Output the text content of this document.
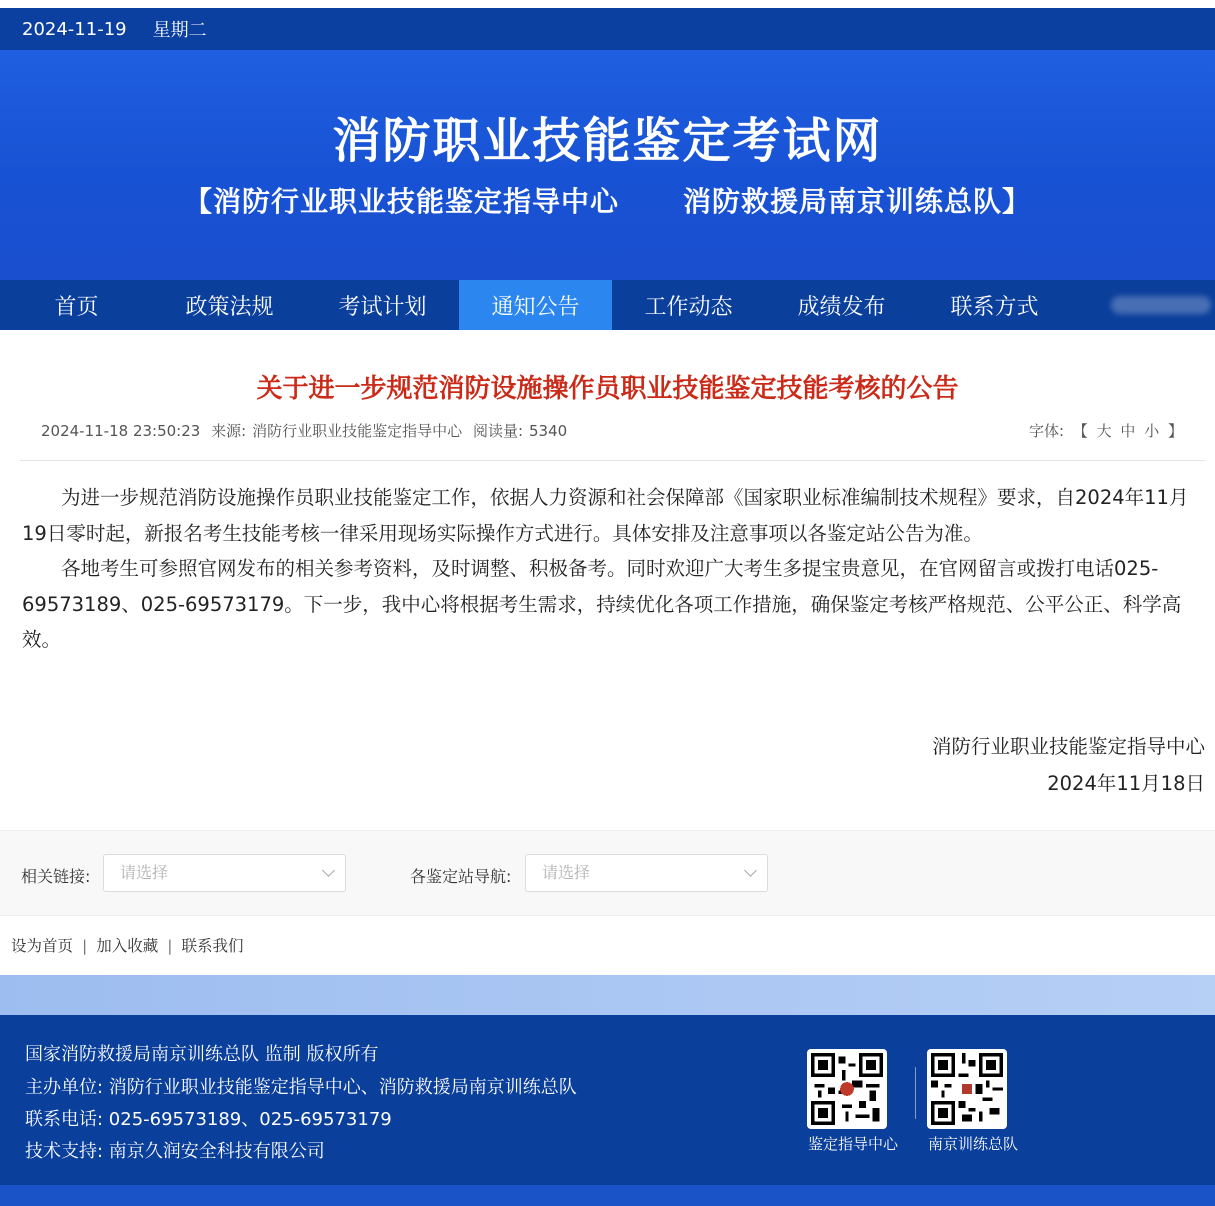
2024-11-19 星期二
消防职业技能鉴定考试网
【消防行业职业技能鉴定指导中心 消防救援局南京训练总队】
首页	政策法规	考试计划	通知公告	工作动态	成绩发布	联系方式
关于进一步规范消防设施操作员职业技能鉴定技能考核的公告
2024-11-18 23:50:23 来源: 消防行业职业技能鉴定指导中心 阅读量: 5340	字体: 【 大 中 小 】

为进一步规范消防设施操作员职业技能鉴定工作，依据人力资源和社会保障部《国家职业标准编制技术规程》要求，自2024年11月19日零时起，新报名考生技能考核一律采用现场实际操作方式进行。具体安排及注意事项以各鉴定站公告为准。

各地考生可参照官网发布的相关参考资料，及时调整、积极备考。同时欢迎广大考生多提宝贵意见，在官网留言或拨打电话025-69573189、025-69573179。下一步，我中心将根据考生需求，持续优化各项工作措施，确保鉴定考核严格规范、公平公正、科学高效。

消防行业职业技能鉴定指导中心
2024年11月18日
相关链接:	请选择	各鉴定站导航:	请选择
设为首页 | 加入收藏 | 联系我们
国家消防救援局南京训练总队 监制 版权所有
主办单位: 消防行业职业技能鉴定指导中心、消防救援局南京训练总队
联系电话: 025-69573189、025-69573179
技术支持: 南京久润安全科技有限公司	鉴定指导中心 南京训练总队
